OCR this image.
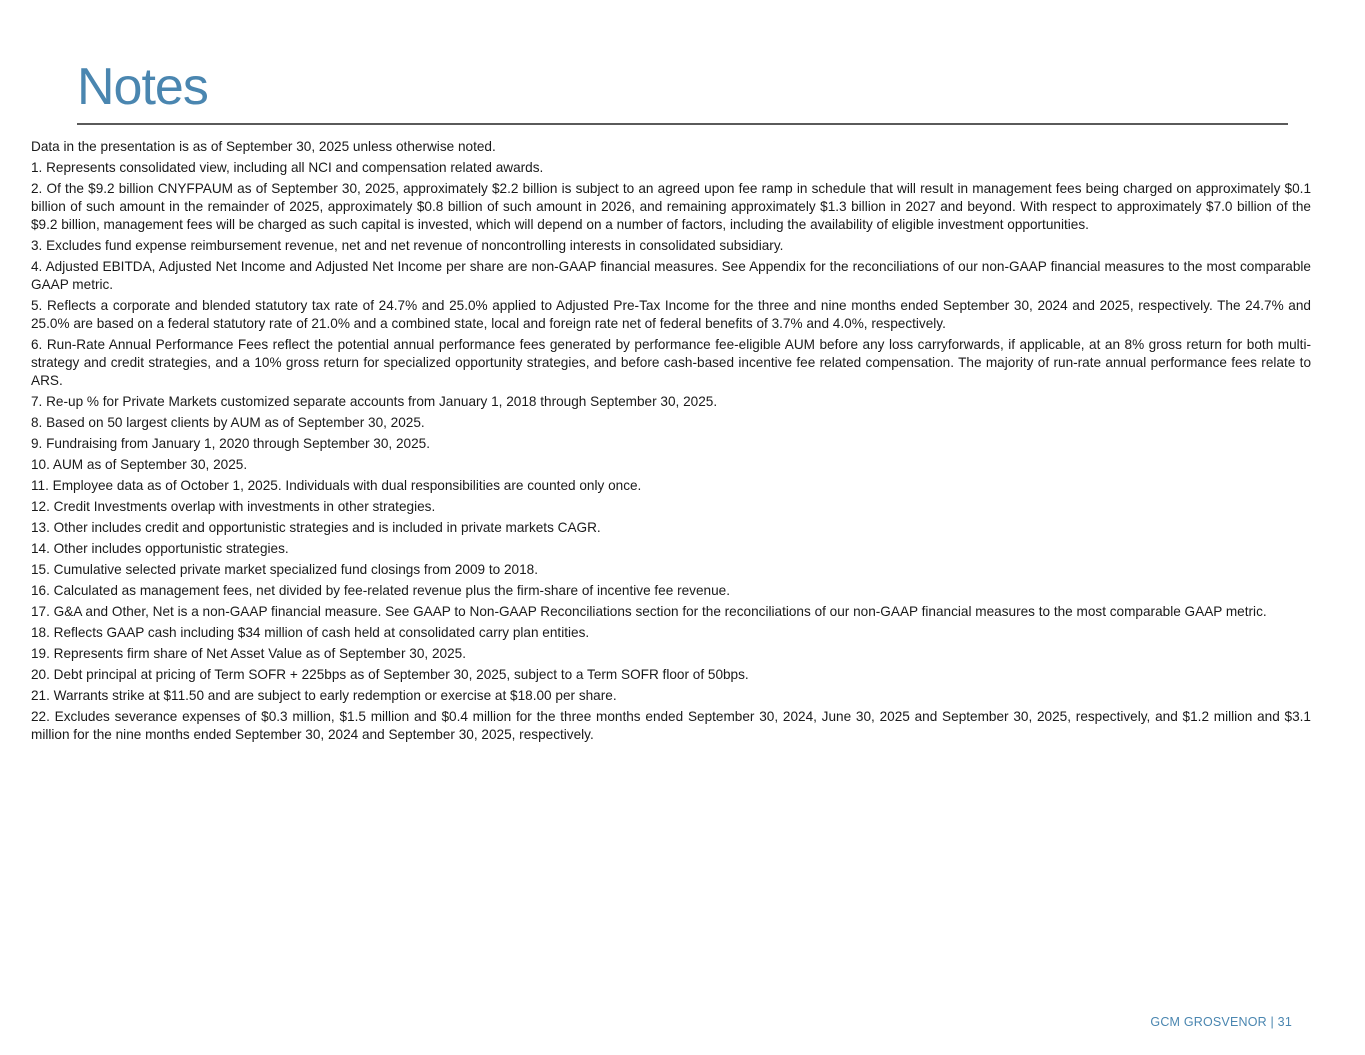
Notes

Data in the presentation is as of September 30, 2025 unless otherwise noted.

1. Represents consolidated view, including all NCI and compensation related awards.

2. Of the $9.2 billion CNYFPAUM as of September 30, 2025, approximately $2.2 billion is subject to an agreed upon fee ramp in schedule that will result in management fees being charged on approximately $0.1 billion of such amount in the remainder of 2025, approximately $0.8 billion of such amount in 2026, and remaining approximately $1.3 billion in 2027 and beyond. With respect to approximately $7.0 billion of the $9.2 billion, management fees will be charged as such capital is invested, which will depend on a number of factors, including the availability of eligible investment opportunities.

3. Excludes fund expense reimbursement revenue, net and net revenue of noncontrolling interests in consolidated subsidiary.

4. Adjusted EBITDA, Adjusted Net Income and Adjusted Net Income per share are non-GAAP financial measures. See Appendix for the reconciliations of our non-GAAP financial measures to the most comparable GAAP metric.

5. Reflects a corporate and blended statutory tax rate of 24.7% and 25.0% applied to Adjusted Pre-Tax Income for the three and nine months ended September 30, 2024 and 2025, respectively. The 24.7% and 25.0% are based on a federal statutory rate of 21.0% and a combined state, local and foreign rate net of federal benefits of 3.7% and 4.0%, respectively.

6. Run-Rate Annual Performance Fees reflect the potential annual performance fees generated by performance fee-eligible AUM before any loss carryforwards, if applicable, at an 8% gross return for both multi-strategy and credit strategies, and a 10% gross return for specialized opportunity strategies, and before cash-based incentive fee related compensation. The majority of run-rate annual performance fees relate to ARS.

7. Re-up % for Private Markets customized separate accounts from January 1, 2018 through September 30, 2025.

8. Based on 50 largest clients by AUM as of September 30, 2025.

9. Fundraising from January 1, 2020 through September 30, 2025.

10. AUM as of September 30, 2025.

11. Employee data as of October 1, 2025. Individuals with dual responsibilities are counted only once.

12. Credit Investments overlap with investments in other strategies.

13. Other includes credit and opportunistic strategies and is included in private markets CAGR.

14. Other includes opportunistic strategies.

15. Cumulative selected private market specialized fund closings from 2009 to 2018.

16. Calculated as management fees, net divided by fee-related revenue plus the firm-share of incentive fee revenue.

17. G&A and Other, Net is a non-GAAP financial measure. See GAAP to Non-GAAP Reconciliations section for the reconciliations of our non-GAAP financial measures to the most comparable GAAP metric.

18. Reflects GAAP cash including $34 million of cash held at consolidated carry plan entities.

19. Represents firm share of Net Asset Value as of September 30, 2025.

20. Debt principal at pricing of Term SOFR + 225bps as of September 30, 2025, subject to a Term SOFR floor of 50bps.

21. Warrants strike at $11.50 and are subject to early redemption or exercise at $18.00 per share.

22. Excludes severance expenses of $0.3 million, $1.5 million and $0.4 million for the three months ended September 30, 2024, June 30, 2025 and September 30, 2025, respectively, and $1.2 million and $3.1 million for the nine months ended September 30, 2024 and September 30, 2025, respectively.

GCM GROSVENOR | 31
